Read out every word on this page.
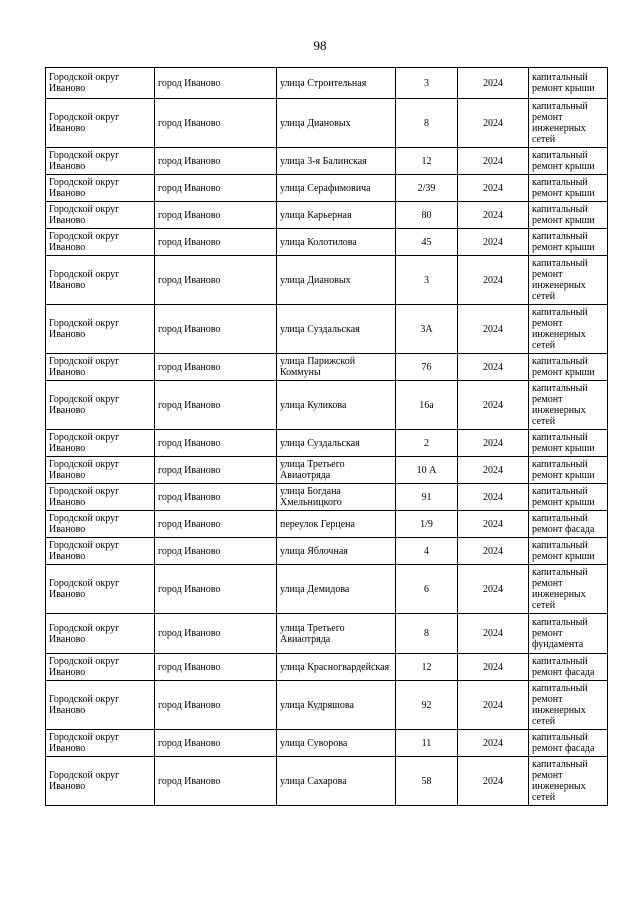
98
Городской округ Иваново	город Иваново	улица Строительная	3	2024	капитальный ремонт крыши
Городской округ Иваново	город Иваново	улица Диановых	8	2024	капитальный ремонт инженерных сетей
Городской округ Иваново	город Иваново	улица 3-я Балинская	12	2024	капитальный ремонт крыши
Городской округ Иваново	город Иваново	улица Серафимовича	2/39	2024	капитальный ремонт крыши
Городской округ Иваново	город Иваново	улица Карьерная	80	2024	капитальный ремонт крыши
Городской округ Иваново	город Иваново	улица Колотилова	45	2024	капитальный ремонт крыши
Городской округ Иваново	город Иваново	улица Диановых	3	2024	капитальный ремонт инженерных сетей
Городской округ Иваново	город Иваново	улица Суздальская	3А	2024	капитальный ремонт инженерных сетей
Городской округ Иваново	город Иваново	улица Парижской Коммуны	76	2024	капитальный ремонт крыши
Городской округ Иваново	город Иваново	улица Куликова	16а	2024	капитальный ремонт инженерных сетей
Городской округ Иваново	город Иваново	улица Суздальская	2	2024	капитальный ремонт крыши
Городской округ Иваново	город Иваново	улица Третьего Авиаотряда	10 А	2024	капитальный ремонт крыши
Городской округ Иваново	город Иваново	улица Богдана Хмельницкого	91	2024	капитальный ремонт крыши
Городской округ Иваново	город Иваново	переулок Герцена	1/9	2024	капитальный ремонт фасада
Городской округ Иваново	город Иваново	улица Яблочная	4	2024	капитальный ремонт крыши
Городской округ Иваново	город Иваново	улица Демидова	6	2024	капитальный ремонт инженерных сетей
Городской округ Иваново	город Иваново	улица Третьего Авиаотряда	8	2024	капитальный ремонт фундамента
Городской округ Иваново	город Иваново	улица Красногвардейская	12	2024	капитальный ремонт фасада
Городской округ Иваново	город Иваново	улица Кудряшова	92	2024	капитальный ремонт инженерных сетей
Городской округ Иваново	город Иваново	улица Суворова	11	2024	капитальный ремонт фасада
Городской округ Иваново	город Иваново	улица Сахарова	58	2024	капитальный ремонт инженерных сетей
